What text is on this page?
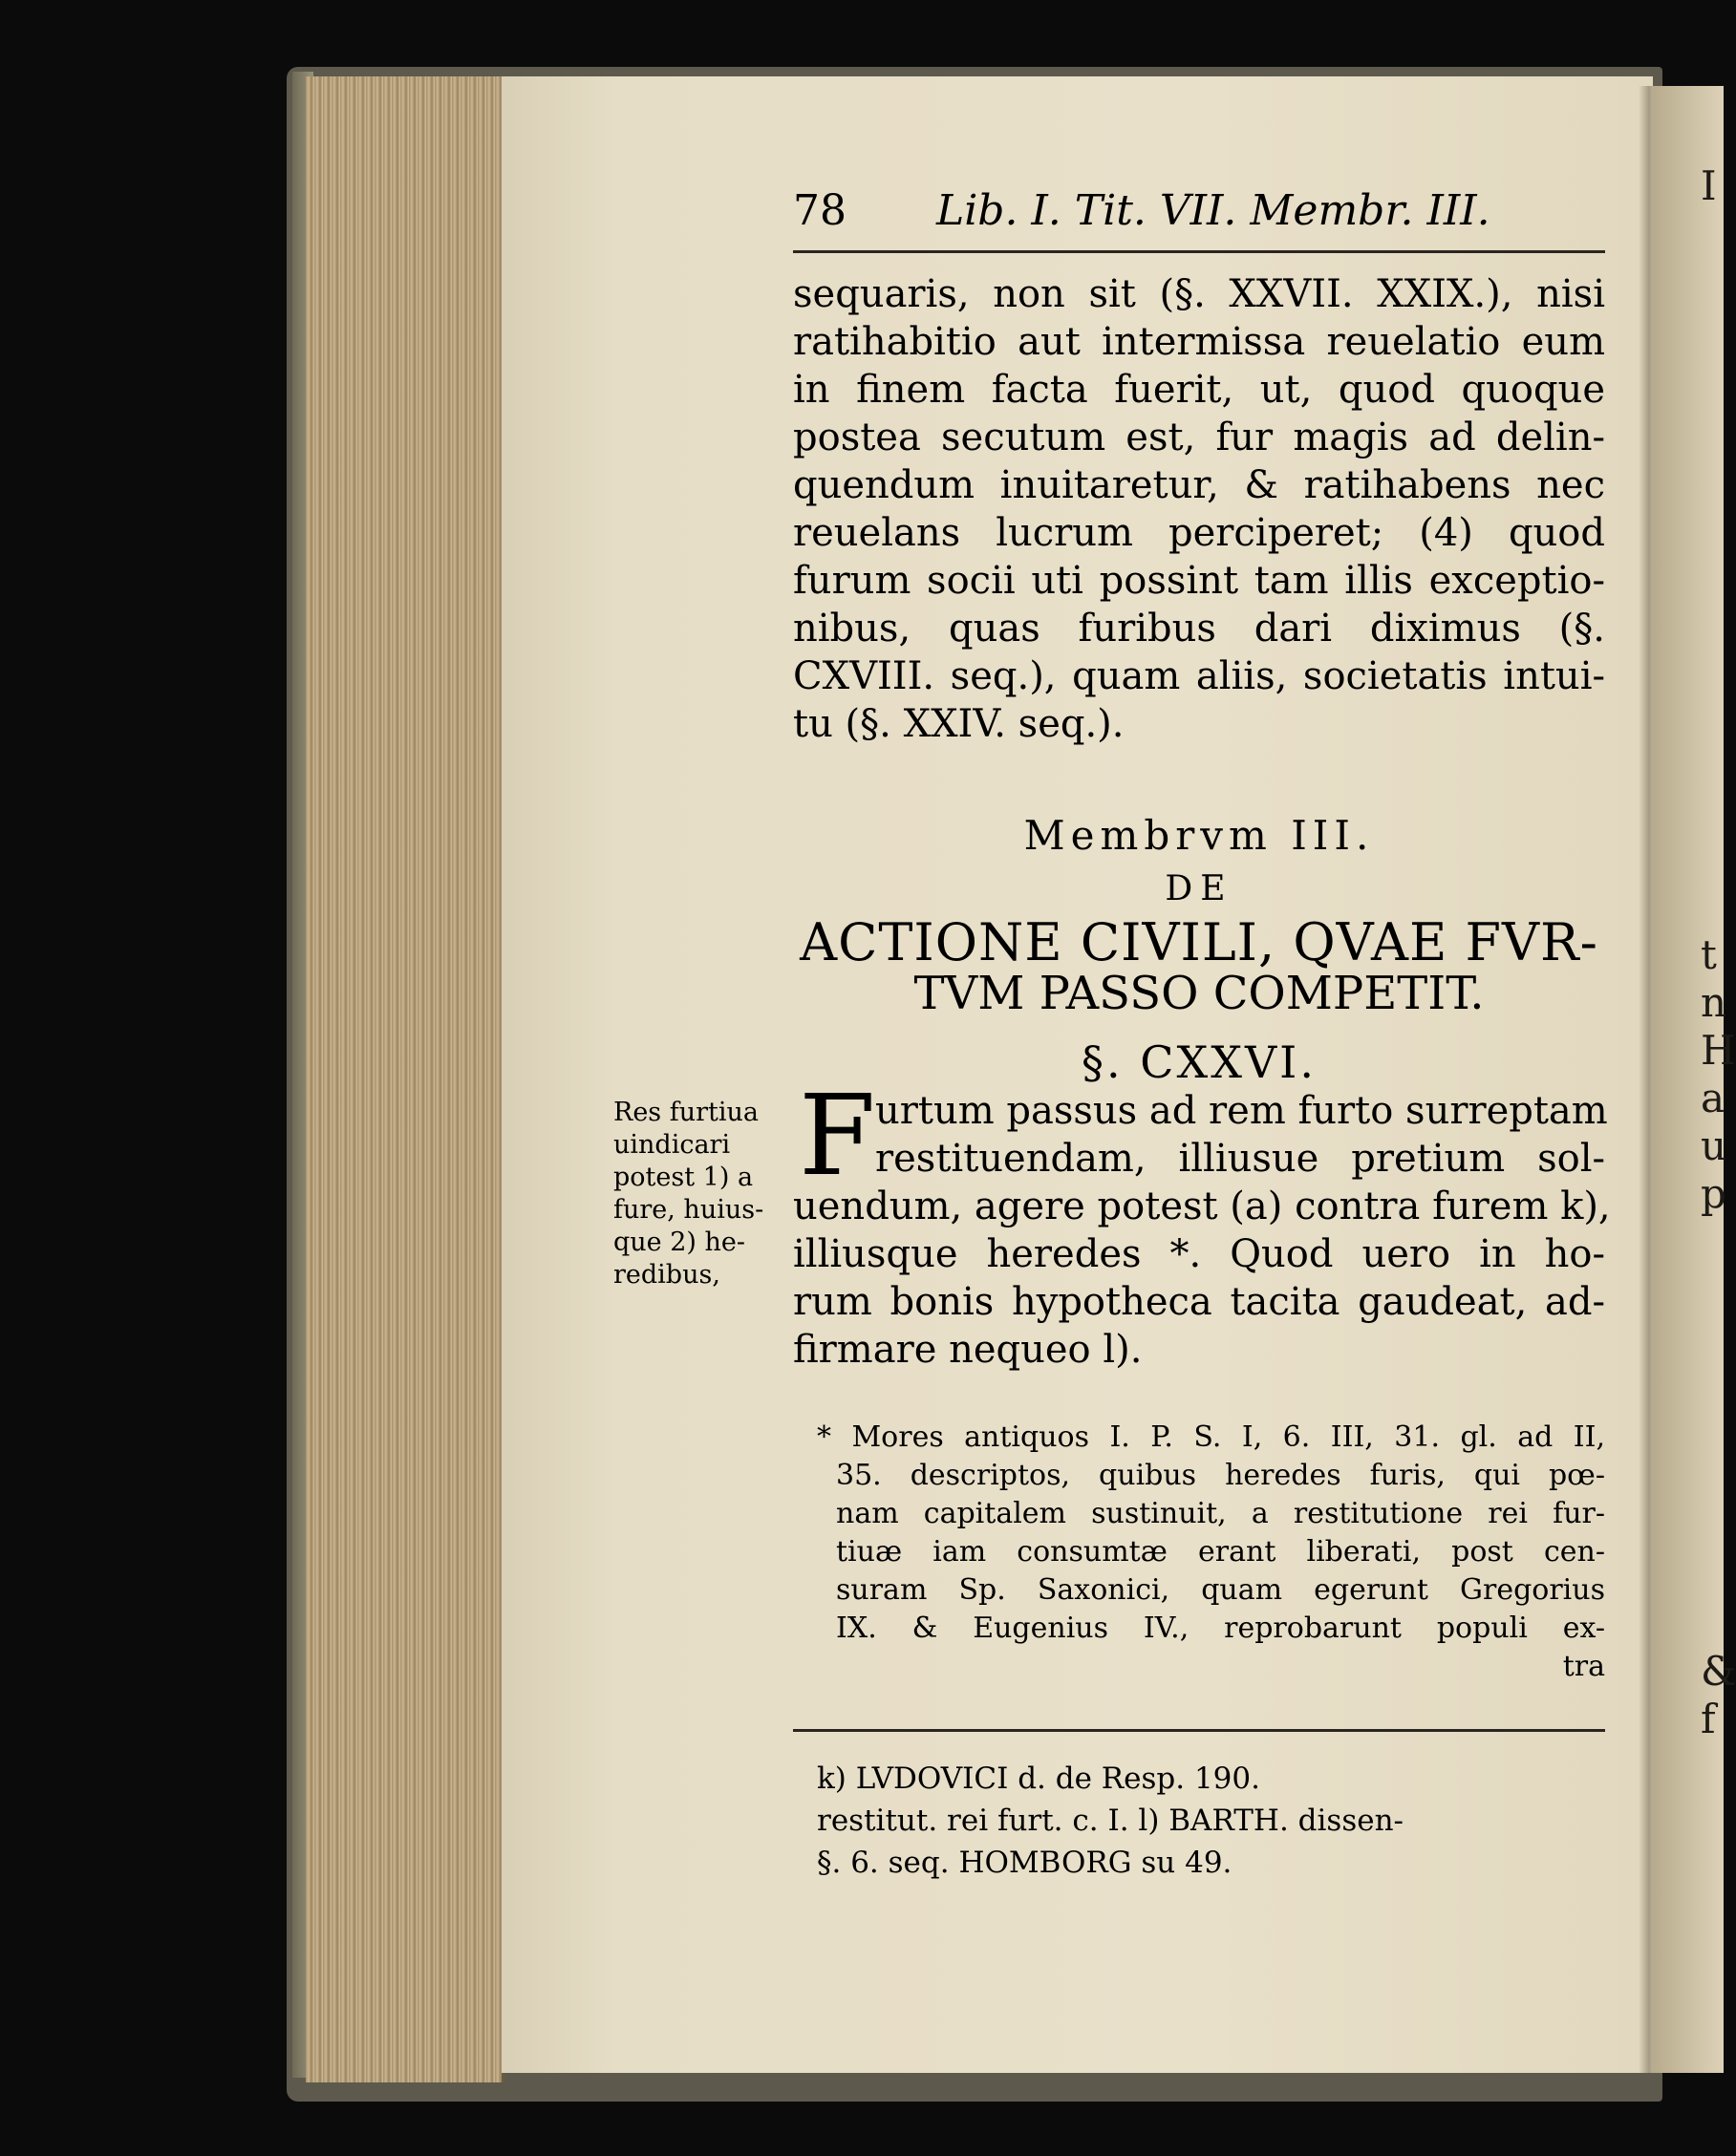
I
t
n
H
a
u
p
&
f
78 Lib. I. Tit. VII. Membr. III.
sequaris, non sit (§. XXVII. XXIX.), nisi
ratihabitio aut intermissa reuelatio eum
in finem facta fuerit, ut, quod quoque
postea secutum est, fur magis ad delin-
quendum inuitaretur, & ratihabens nec
reuelans lucrum perciperet; (4) quod
furum socii uti possint tam illis exceptio-
nibus, quas furibus dari diximus (§.
CXVIII. seq.), quam aliis, societatis intui-
tu (§. XXIV. seq.).
Membrvm III.
DE
ACTIONE CIVILI, QVAE FVR-
TVM PASSO COMPETIT.
§. CXXVI.
Res furtiua
uindicari
potest 1) a
fure, huius-
que 2) he-
redibus,
F urtum passus ad rem furto surreptam
restituendam, illiusue pretium sol-
uendum, agere potest (a) contra furem k),
illiusque heredes *. Quod uero in ho-
rum bonis hypotheca tacita gaudeat, ad-
firmare nequeo l).
* Mores antiquos I. P. S. I, 6. III, 31. gl. ad II,
35. descriptos, quibus heredes furis, qui pœ-
nam capitalem sustinuit, a restitutione rei fur-
tiuæ iam consumtæ erant liberati, post cen-
suram Sp. Saxonici, quam egerunt Gregorius
IX. & Eugenius IV., reprobarunt populi ex-
tra
k) LVDOVICI d. de Resp. 190.
restitut. rei furt. c. I. l) BARTH. dissen-
§. 6. seq. HOMBORG su 49.
